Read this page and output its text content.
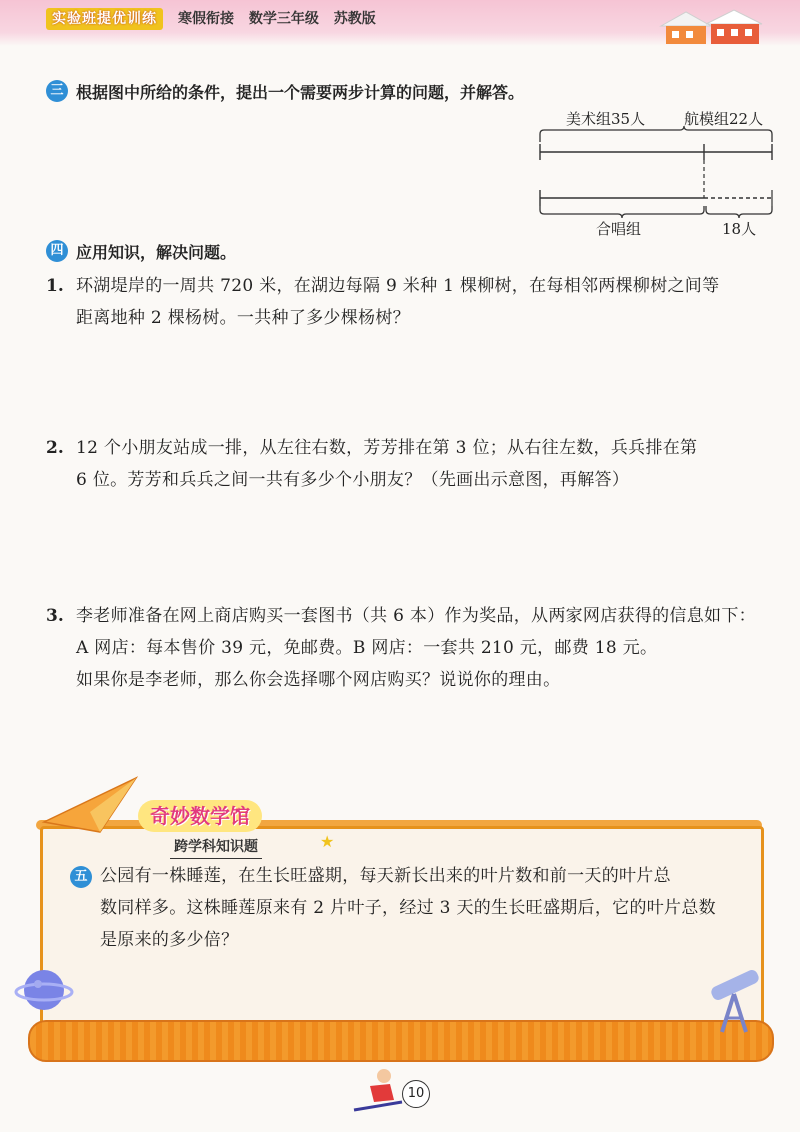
实验班提优训练	寒假衔接 数学三年级 苏教版
三 根据图中所给的条件，提出一个需要两步计算的问题，并解答。
美术组35人	航模组22人
合唱组	18人
四 应用知识，解决问题。
1. 环湖堤岸的一周共 720 米，在湖边每隔 9 米种 1 棵柳树，在每相邻两棵柳树之间等
距离地种 2 棵杨树。一共种了多少棵杨树？
2. 12 个小朋友站成一排，从左往右数，芳芳排在第 3 位；从右往左数，兵兵排在第
6 位。芳芳和兵兵之间一共有多少个小朋友？（先画出示意图，再解答）
3. 李老师准备在网上商店购买一套图书（共 6 本）作为奖品，从两家网店获得的信息如下：
A 网店：每本售价 39 元，免邮费。B 网店：一套共 210 元，邮费 18 元。
如果你是李老师，那么你会选择哪个网店购买？说说你的理由。
奇妙数学馆
跨学科知识题	★
五 公园有一株睡莲，在生长旺盛期，每天新长出来的叶片数和前一天的叶片总
数同样多。这株睡莲原来有 2 片叶子，经过 3 天的生长旺盛期后，它的叶片总数
是原来的多少倍？
10
